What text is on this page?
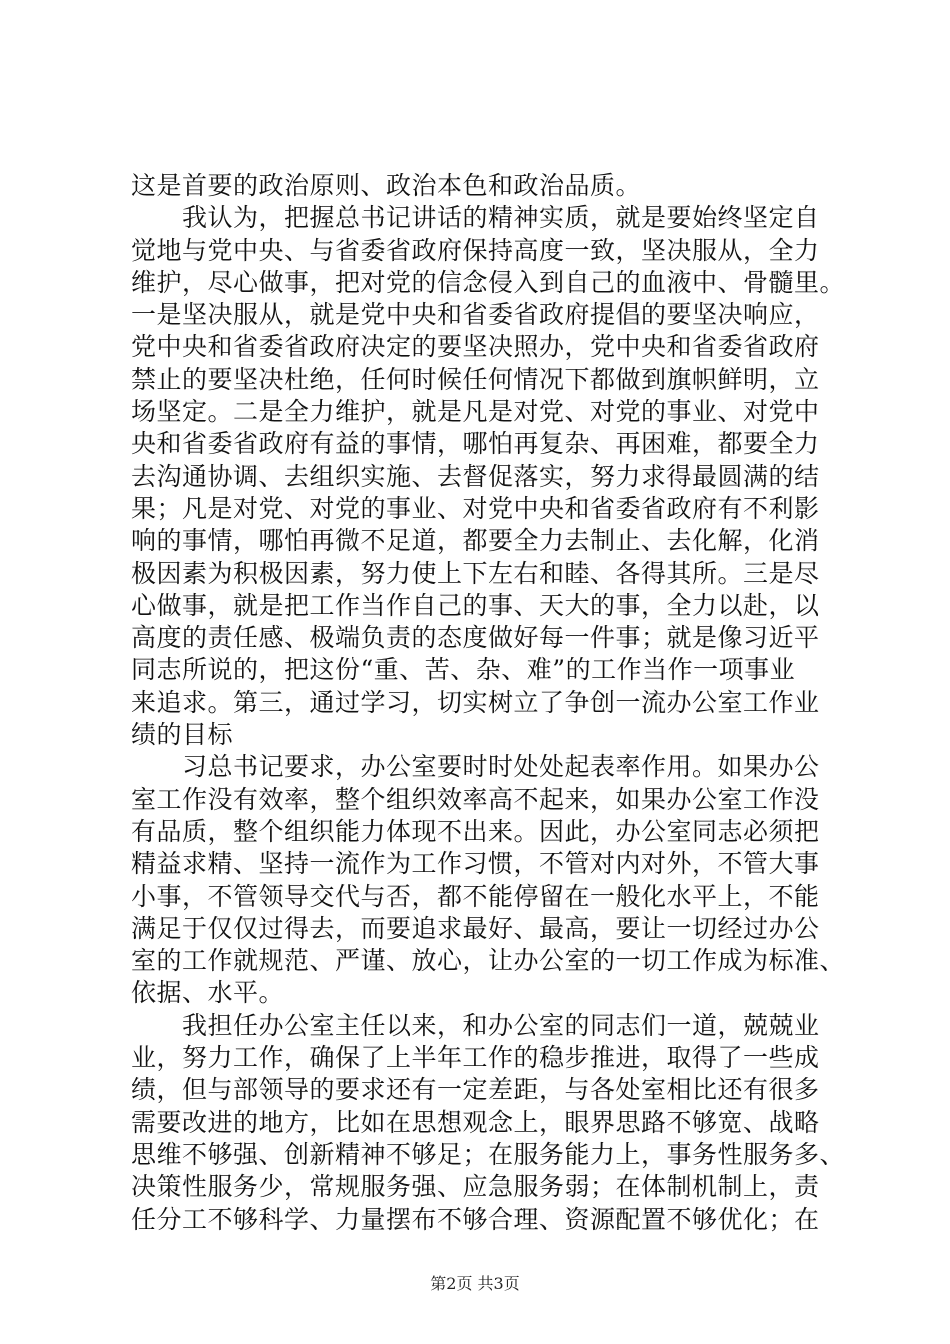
这是首要的政治原则、政治本色和政治品质。
　　我认为，把握总书记讲话的精神实质，就是要始终坚定自
觉地与党中央、与省委省政府保持高度一致，坚决服从，全力
维护，尽心做事，把对党的信念侵入到自己的血液中、骨髓里。
一是坚决服从，就是党中央和省委省政府提倡的要坚决响应，
党中央和省委省政府决定的要坚决照办，党中央和省委省政府
禁止的要坚决杜绝，任何时候任何情况下都做到旗帜鲜明，立
场坚定。二是全力维护，就是凡是对党、对党的事业、对党中
央和省委省政府有益的事情，哪怕再复杂、再困难，都要全力
去沟通协调、去组织实施、去督促落实，努力求得最圆满的结
果；凡是对党、对党的事业、对党中央和省委省政府有不利影
响的事情，哪怕再微不足道，都要全力去制止、去化解，化消
极因素为积极因素，努力使上下左右和睦、各得其所。三是尽
心做事，就是把工作当作自己的事、天大的事，全力以赴，以
高度的责任感、极端负责的态度做好每一件事；就是像习近平
同志所说的，把这份“重、苦、杂、难”的工作当作一项事业
来追求。第三，通过学习，切实树立了争创一流办公室工作业
绩的目标
　　习总书记要求，办公室要时时处处起表率作用。如果办公
室工作没有效率，整个组织效率高不起来，如果办公室工作没
有品质，整个组织能力体现不出来。因此，办公室同志必须把
精益求精、坚持一流作为工作习惯，不管对内对外，不管大事
小事，不管领导交代与否，都不能停留在一般化水平上，不能
满足于仅仅过得去，而要追求最好、最高，要让一切经过办公
室的工作就规范、严谨、放心，让办公室的一切工作成为标准、
依据、水平。
　　我担任办公室主任以来，和办公室的同志们一道，兢兢业
业，努力工作，确保了上半年工作的稳步推进，取得了一些成
绩，但与部领导的要求还有一定差距，与各处室相比还有很多
需要改进的地方，比如在思想观念上，眼界思路不够宽、战略
思维不够强、创新精神不够足；在服务能力上，事务性服务多、
决策性服务少，常规服务强、应急服务弱；在体制机制上，责
任分工不够科学、力量摆布不够合理、资源配置不够优化；在
第2页 共3页
